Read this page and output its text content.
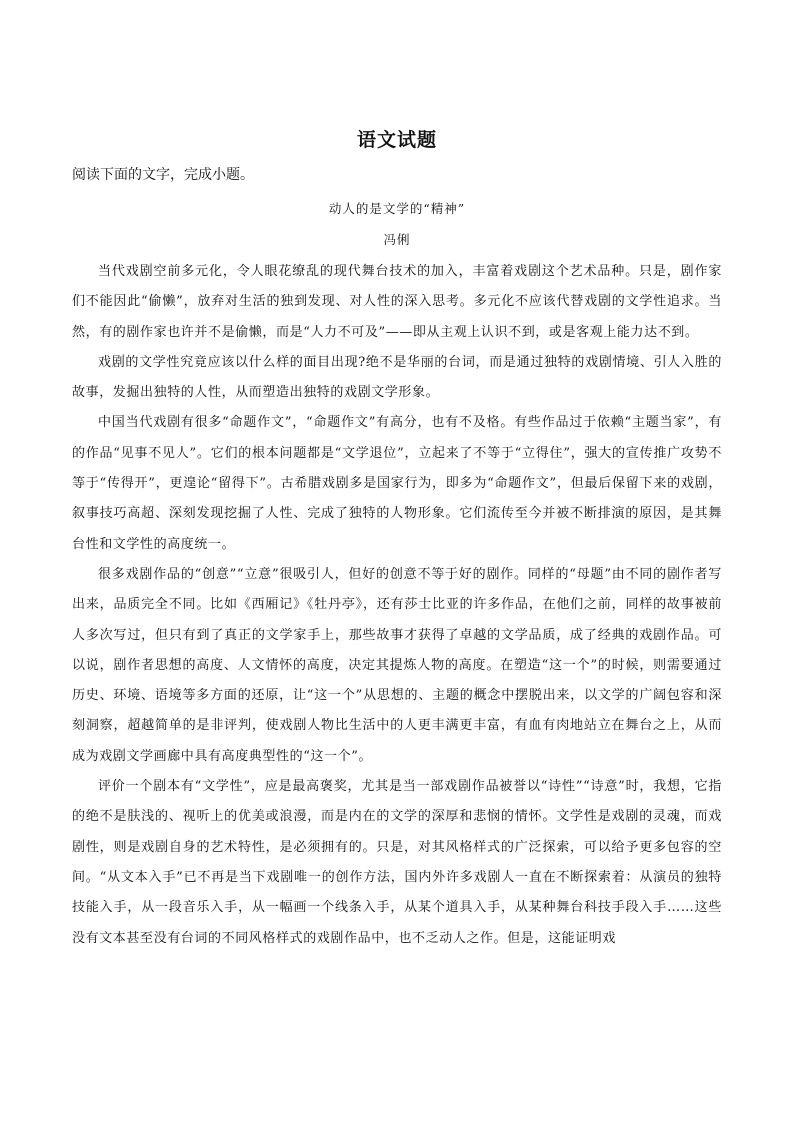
语文试题
阅读下面的文字，完成小题。
动人的是文学的“精神”
冯俐

当代戏剧空前多元化，令人眼花缭乱的现代舞台技术的加入，丰富着戏剧这个艺术品种。只是，剧作家们不能因此“偷懒”，放弃对生活的独到发现、对人性的深入思考。多元化不应该代替戏剧的文学性追求。当然，有的剧作家也许并不是偷懒，而是“人力不可及”——即从主观上认识不到，或是客观上能力达不到。

戏剧的文学性究竟应该以什么样的面目出现?绝不是华丽的台词，而是通过独特的戏剧情境、引人入胜的故事，发掘出独特的人性，从而塑造出独特的戏剧文学形象。

中国当代戏剧有很多“命题作文”，“命题作文”有高分，也有不及格。有些作品过于依赖“主题当家”，有的作品“见事不见人”。它们的根本问题都是“文学退位”，立起来了不等于“立得住”，强大的宣传推广攻势不等于“传得开”，更遑论“留得下”。古希腊戏剧多是国家行为，即多为“命题作文”，但最后保留下来的戏剧，叙事技巧高超、深刻发现挖掘了人性、完成了独特的人物形象。它们流传至今并被不断排演的原因，是其舞台性和文学性的高度统一。

很多戏剧作品的“创意”“立意”很吸引人，但好的创意不等于好的剧作。同样的“母题”由不同的剧作者写出来，品质完全不同。比如《西厢记》《牡丹亭》，还有莎士比亚的许多作品，在他们之前，同样的故事被前人多次写过，但只有到了真正的文学家手上，那些故事才获得了卓越的文学品质，成了经典的戏剧作品。可以说，剧作者思想的高度、人文情怀的高度，决定其提炼人物的高度。在塑造“这一个”的时候，则需要通过历史、环境、语境等多方面的还原，让“这一个”从思想的、主题的概念中摆脱出来，以文学的广阔包容和深刻洞察，超越简单的是非评判，使戏剧人物比生活中的人更丰满更丰富，有血有肉地站立在舞台之上，从而成为戏剧文学画廊中具有高度典型性的“这一个”。

评价一个剧本有“文学性”，应是最高褒奖，尤其是当一部戏剧作品被誉以“诗性”“诗意”时，我想，它指的绝不是肤浅的、视听上的优美或浪漫，而是内在的文学的深厚和悲悯的情怀。文学性是戏剧的灵魂，而戏剧性，则是戏剧自身的艺术特性，是必须拥有的。只是，对其风格样式的广泛探索，可以给予更多包容的空间。“从文本入手”已不再是当下戏剧唯一的创作方法，国内外许多戏剧人一直在不断探索着：从演员的独特技能入手，从一段音乐入手，从一幅画一个线条入手，从某个道具入手，从某种舞台科技手段入手……这些没有文本甚至没有台词的不同风格样式的戏剧作品中，也不乏动人之作。但是，这能证明戏
